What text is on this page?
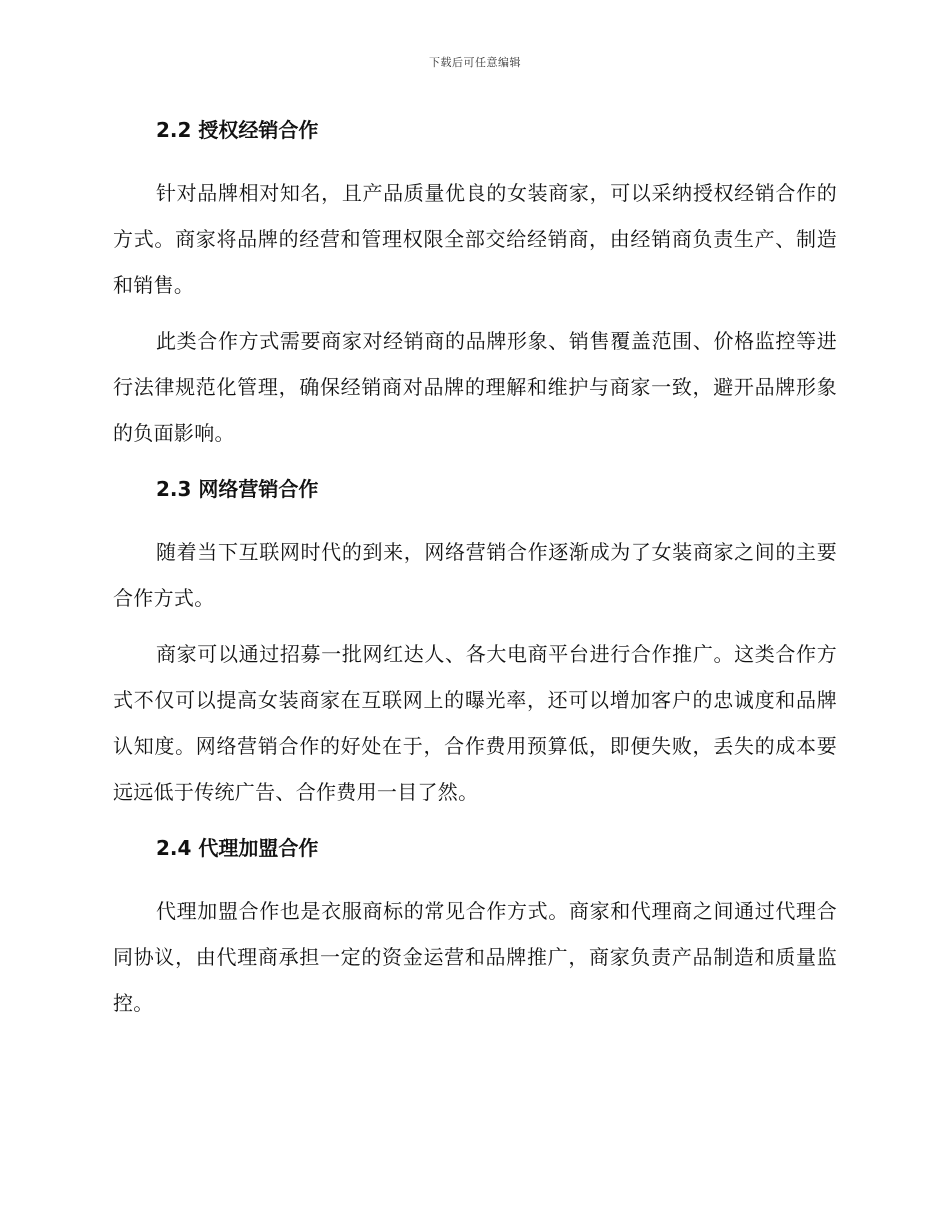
下载后可任意编辑
2.2 授权经销合作

针对品牌相对知名，且产品质量优良的女装商家，可以采纳授权经销合作的方式。商家将品牌的经营和管理权限全部交给经销商，由经销商负责生产、制造和销售。

此类合作方式需要商家对经销商的品牌形象、销售覆盖范围、价格监控等进行法律规范化管理，确保经销商对品牌的理解和维护与商家一致，避开品牌形象的负面影响。

2.3 网络营销合作

随着当下互联网时代的到来，网络营销合作逐渐成为了女装商家之间的主要合作方式。

商家可以通过招募一批网红达人、各大电商平台进行合作推广。这类合作方式不仅可以提高女装商家在互联网上的曝光率，还可以增加客户的忠诚度和品牌认知度。网络营销合作的好处在于，合作费用预算低，即便失败，丢失的成本要远远低于传统广告、合作费用一目了然。

2.4 代理加盟合作

代理加盟合作也是衣服商标的常见合作方式。商家和代理商之间通过代理合同协议，由代理商承担一定的资金运营和品牌推广，商家负责产品制造和质量监控。
